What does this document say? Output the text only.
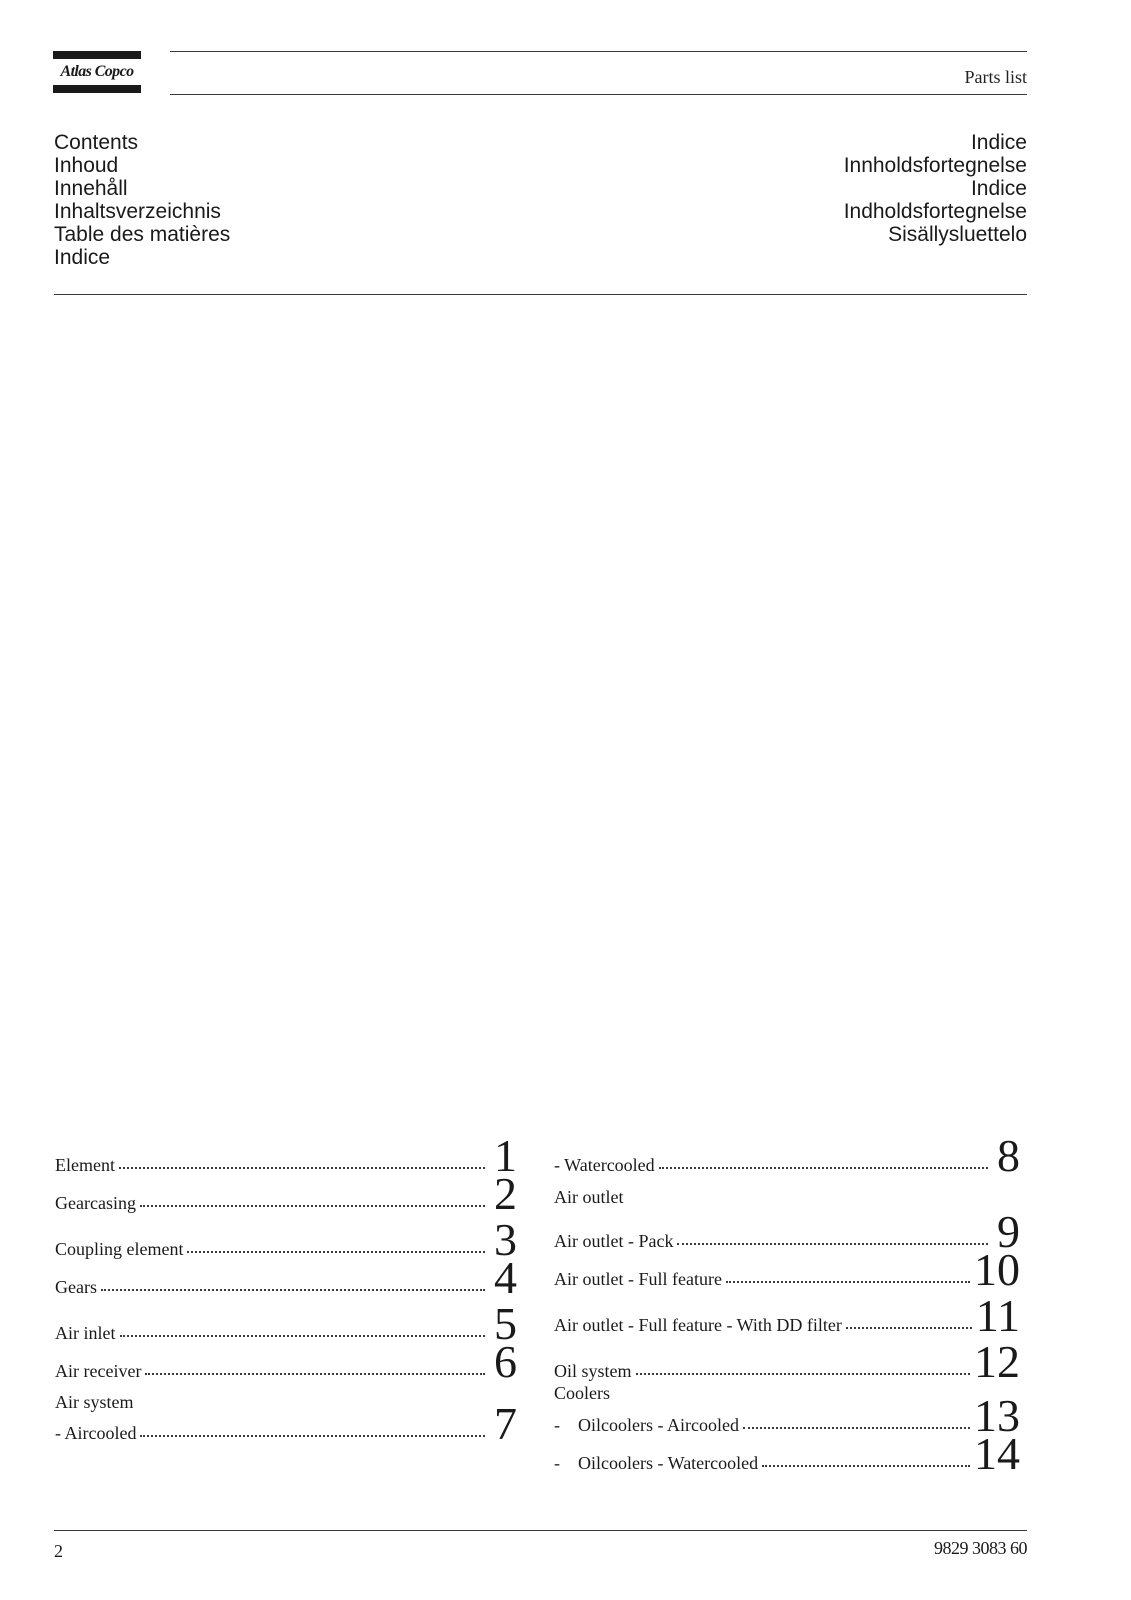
Atlas Copco	Parts list
Contents
Inhoud
Innehåll
Inhaltsverzeichnis
Table des matières
Indice
Indice
Innholdsfortegnelse
Indice
Indholdsfortegnelse
Sisällysluettelo
Element	1
Gearcasing	2
Coupling element	3
Gears	4
Air inlet	5
Air receiver	6
Air system
- Aircooled	7
- Watercooled	8
Air outlet
Air outlet - Pack	9
Air outlet - Full feature	10
Air outlet - Full feature - With DD filter	11
Oil system	12
Coolers
-    Oilcoolers - Aircooled	13
-    Oilcoolers - Watercooled	14
2	9829 3083 60
